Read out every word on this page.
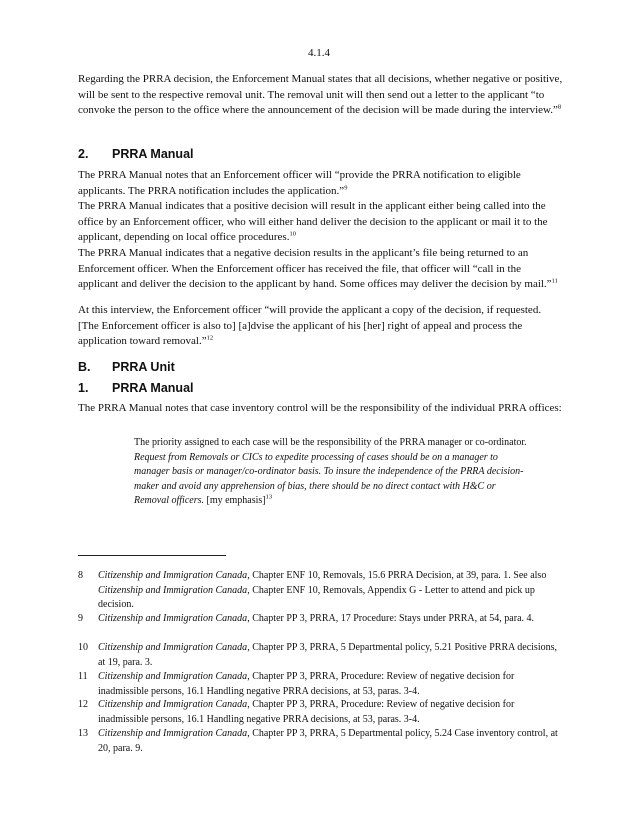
4.1.4

Regarding the PRRA decision, the Enforcement Manual states that all decisions, whether negative or positive, will be sent to the respective removal unit. The removal unit will then send out a letter to the applicant “to convoke the person to the office where the announcement of the decision will be made during the interview.”$^8$

2. PRRA Manual

The PRRA Manual notes that an Enforcement officer will “provide the PRRA notification to eligible applicants. The PRRA notification includes the application.”$^9$

The PRRA Manual indicates that a positive decision will result in the applicant either being called into the office by an Enforcement officer, who will either hand deliver the decision to the applicant or mail it to the applicant, depending on local office procedures.$^{10}$

The PRRA Manual indicates that a negative decision results in the applicant’s file being returned to an Enforcement officer. When the Enforcement officer has received the file, that officer will “call in the applicant and deliver the decision to the applicant by hand. Some offices may deliver the decision by mail.”$^{11}$

At this interview, the Enforcement officer “will provide the applicant a copy of the decision, if requested. [The Enforcement officer is also to] [a]dvise the applicant of his [her] right of appeal and process the application toward removal.”$^{12}$

B. PRRA Unit
1. PRRA Manual

The PRRA Manual notes that case inventory control will be the responsibility of the individual PRRA offices:

The priority assigned to each case will be the responsibility of the PRRA manager or co-ordinator. Request from Removals or CICs to expedite processing of cases should be on a manager to manager basis or manager/co-ordinator basis. To insure the independence of the PRRA decision-maker and avoid any apprehension of bias, there should be no direct contact with H&C or Removal officers. [my emphasis]$^{13}$

8 Citizenship and Immigration Canada, Chapter ENF 10, Removals, 15.6 PRRA Decision, at 39, para. 1. See also Citizenship and Immigration Canada, Chapter ENF 10, Removals, Appendix G - Letter to attend and pick up decision.
9 Citizenship and Immigration Canada, Chapter PP 3, PRRA, 17 Procedure: Stays under PRRA, at 54, para. 4.
10 Citizenship and Immigration Canada, Chapter PP 3, PRRA, 5 Departmental policy, 5.21 Positive PRRA decisions, at 19, para. 3.
11 Citizenship and Immigration Canada, Chapter PP 3, PRRA, Procedure: Review of negative decision for inadmissible persons, 16.1 Handling negative PRRA decisions, at 53, paras. 3-4.
12 Citizenship and Immigration Canada, Chapter PP 3, PRRA, Procedure: Review of negative decision for inadmissible persons, 16.1 Handling negative PRRA decisions, at 53, paras. 3-4.
13 Citizenship and Immigration Canada, Chapter PP 3, PRRA, 5 Departmental policy, 5.24 Case inventory control, at 20, para. 9.
